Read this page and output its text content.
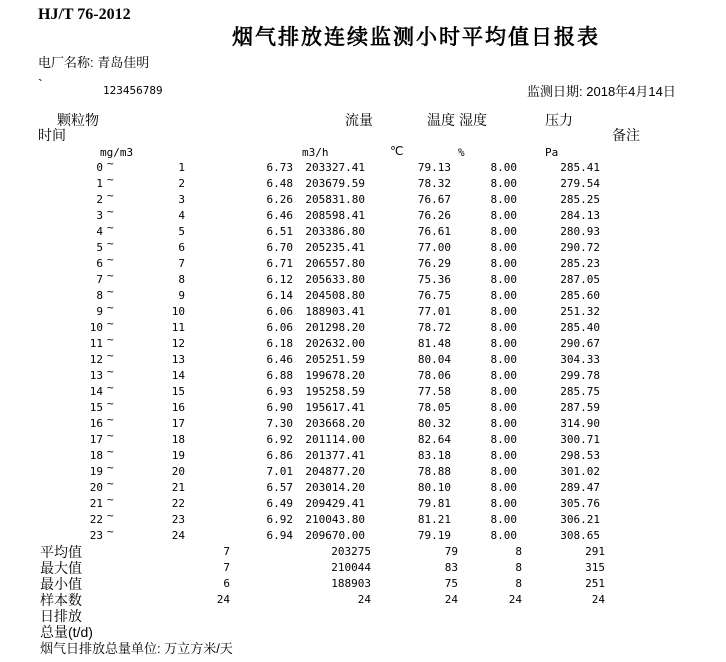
HJ/T 76-2012
烟气排放连续监测小时平均值日报表
电厂名称: 青岛佳明
`	123456789	监测日期: 2018年4月14日
颗粒物
时间
流量	温度 湿度	压力
备注
mg/m3	m3/h	℃	%	Pa
0 ~	1	6.73	203327.41	79.13	8.00	285.41
1 ~	2	6.48	203679.59	78.32	8.00	279.54
2 ~	3	6.26	205831.80	76.67	8.00	285.25
3 ~	4	6.46	208598.41	76.26	8.00	284.13
4 ~	5	6.51	203386.80	76.61	8.00	280.93
5 ~	6	6.70	205235.41	77.00	8.00	290.72
6 ~	7	6.71	206557.80	76.29	8.00	285.23
7 ~	8	6.12	205633.80	75.36	8.00	287.05
8 ~	9	6.14	204508.80	76.75	8.00	285.60
9 ~	10	6.06	188903.41	77.01	8.00	251.32
10 ~	11	6.06	201298.20	78.72	8.00	285.40
11 ~	12	6.18	202632.00	81.48	8.00	290.67
12 ~	13	6.46	205251.59	80.04	8.00	304.33
13 ~	14	6.88	199678.20	78.06	8.00	299.78
14 ~	15	6.93	195258.59	77.58	8.00	285.75
15 ~	16	6.90	195617.41	78.05	8.00	287.59
16 ~	17	7.30	203668.20	80.32	8.00	314.90
17 ~	18	6.92	201114.00	82.64	8.00	300.71
18 ~	19	6.86	201377.41	83.18	8.00	298.53
19 ~	20	7.01	204877.20	78.88	8.00	301.02
20 ~	21	6.57	203014.20	80.10	8.00	289.47
21 ~	22	6.49	209429.41	79.81	8.00	305.76
22 ~	23	6.92	210043.80	81.21	8.00	306.21
23 ~	24	6.94	209670.00	79.19	8.00	308.65
平均值	7	203275	79	8	291
最大值	7	210044	83	8	315
最小值	6	188903	75	8	251
样本数	24	24	24	24	24
日排放
总量(t/d)
烟气日排放总量单位: 万立方米/天
